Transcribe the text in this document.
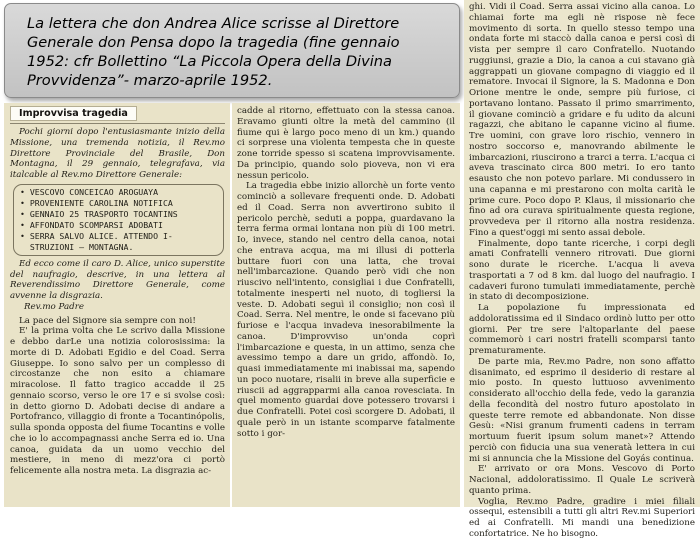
La lettera che don Andrea Alice scrisse al Direttore Generale don Pensa dopo la tragedia (fine gennaio 1952: cfr Bollettino “La Piccola Opera della Divina Provvidenza”- marzo-aprile 1952.
Improvvisa tragedia

Pochi giorni dopo l'entusiasmante inizio della Missione, una tremenda notizia, il Rev.mo Direttore Provinciale del Brasile, Don Montagna, il 29 gennaio, telegrafava, via italcable al Rev.mo Direttore Generale:

• VESCOVO CONCEICAO AROGUAYA
• PROVENIENTE CAROLINA NOTIFICA
• GENNAIO 25 TRASPORTO TOCANTINS
• AFFONDATO SCOMPARSI ADOBATI
• SERRA SALVO ALICE. ATTENDO I-
STRUZIONI — MONTAGNA.

Ed ecco come il caro D. Alice, unico superstite del naufragio, descrive, in una lettera al Reverendissimo Direttore Generale, come avvenne la disgrazia.

Rev.mo Padre

La pace del Signore sia sempre con noi!

E' la prima volta che Le scrivo dalla Missione e debbo darLe una notizia colorosissima: la morte di D. Adobati Egidio e del Coad. Serra Giuseppe. Io sono salvo per un complesso di circostanze che non esito a chiamare miracolose. Il fatto tragico accadde il 25 gennaio scorso, verso le ore 17 e si svolse così: in detto giorno D. Adobati decise di andare a Portofranco, villaggio di fronte a Tocantinópolis, sulla sponda opposta del fiume Tocantins e volle che io lo accompagnassi anche Serra ed io. Una canoa, guidata da un uomo vecchio del mestiere, in meno di mezz'ora ci portò felicemente alla nostra meta. La disgrazia ac-

cadde al ritorno, effettuato con la stessa canoa. Eravamo giunti oltre la metà del cammino (il fiume qui è largo poco meno di un km.) quando ci sorprese una violenta tempesta che in queste zone torride spesso si scatena improvvisamente. Da principio, quando solo pioveva, non vi era nessun pericolo.

La tragedia ebbe inizio allorchè un forte vento cominciò a sollevare frequenti onde. D. Adobati ed il Coad. Serra non avvertirono subito il pericolo perchè, seduti a poppa, guardavano la terra ferma ormai lontana non più di 100 metri. Io, invece, stando nel centro della canoa, notai che entrava acqua, ma mi illusi di potterla buttare fuori con una latta, che trovai nell'imbarcazione. Quando però vidi che non riuscivo nell'intento, consigliai i due Confratelli, totalmente inesperti nel nuoto, di togliersi la veste. D. Adobati seguì il consiglio; non così il Coad. Serra. Nel mentre, le onde si facevano più furiose e l'acqua invadeva inesorabilmente la canoa. D'improvviso un'onda coprì l'imbarcazione e questa, in un attimo, senza che avessimo tempo a dare un grido, affondò. Io, quasi immediatamente mi inabissai ma, sapendo un poco nuotare, risalii in breve alla superficie e riuscii ad aggrapparmi alla canoa rovesciata. In quel momento guardai dove potessero trovarsi i due Confratelli. Potei così scorgere D. Adobati, il quale però in un istante scomparve fatalmente sotto i gor-

ghi. Vidi il Coad. Serra assai vicino alla canoa. Lo chiamai forte ma egli nè rispose nè fece movimento di sorta. In quello stesso tempo una ondata forte mi staccò dalla canoa e persi così di vista per sempre il caro Confratello. Nuotando ruggiunsi, grazie a Dio, la canoa a cui stavano già aggrappati un giovane compagno di viaggio ed il rematore. Invocai il Signore, la S. Madonna e Don Orione mentre le onde, sempre più furiose, ci portavano lontano. Passato il primo smarrimento, il giovane cominciò a gridare e fu udito da alcuni ragazzi, che abitano le capanne vicino al fiume. Tre uomini, con grave loro rischio, vennero in nostro soccorso e, manovrando abilmente le imbarcazioni, riuscirono a trarci a terra. L'acqua ci aveva trascinato circa 800 metri. Io ero tanto esausto che non potevo parlare. Mi condussero in una capanna e mi prestarono con molta carità le prime cure. Poco dopo P. Klaus, il missionario che fino ad ora curava spiritualmente questa regione, provvedeva per il ritorno alla nostra residenza. Fino a quest'oggi mi sento assai debole.

Finalmente, dopo tante ricerche, i corpi degli amati Confratelli vennero ritrovati. Due giorni sono durate le ricerche. L'acqua li aveva trasportati a 7 od 8 km. dal luogo del naufragio. I cadaveri furono tumulati immediatamente, perchè in stato di decomposizione.

La popolazione fu impressionata ed addoloratissima ed il Sindaco ordinò lutto per otto giorni. Per tre sere l'altoparlante del paese commemorò i cari nostri fratelli scomparsi tanto prematuramente.

De parte mia, Rev.mo Padre, non sono affatto disanimato, ed esprimo il desiderio di restare al mio posto. In questo luttuoso avvenimento considerato all'occhio della fede, vedo la garanzia della fecondità del nostro futuro apostolato in queste terre remote ed abbandonate. Non disse Gesù: «Nisi granum frumenti cadens in terram mortuum fuerit ipsum solum manet»? Attendo perciò con fiducia una sua veneratà lettera in cui mi si annuncia che la Missione del Goyás continua.

E' arrivato or ora Mons. Vescovo di Porto Nacional, addoloratissimo. Il Quale Le scriverà quanto prima.

Voglia, Rev.mo Padre, gradire i miei filiali ossequi, estensibili a tutti gli altri Rev.mi Superiori ed ai Confratelli. Mi mandi una benedizione confortatrice. Ne ho bisogno.
